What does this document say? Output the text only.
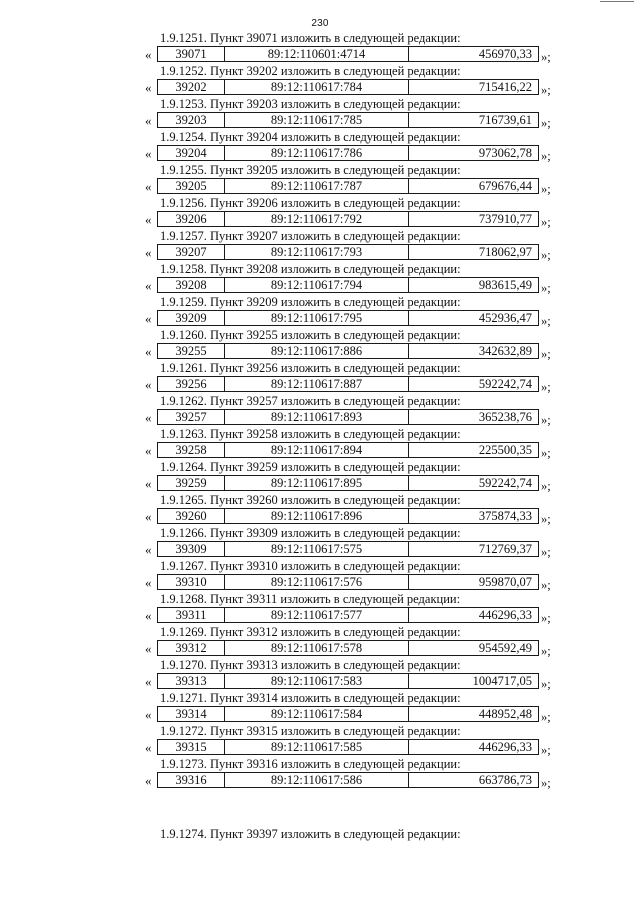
230
1.9.1251. Пункт 39071 изложить в следующей редакции:
« 39071	89:12:110601:4714	456970,33 »;
1.9.1252. Пункт 39202 изложить в следующей редакции:
« 39202	89:12:110617:784	715416,22 »;
1.9.1253. Пункт 39203 изложить в следующей редакции:
« 39203	89:12:110617:785	716739,61 »;
1.9.1254. Пункт 39204 изложить в следующей редакции:
« 39204	89:12:110617:786	973062,78 »;
1.9.1255. Пункт 39205 изложить в следующей редакции:
« 39205	89:12:110617:787	679676,44 »;
1.9.1256. Пункт 39206 изложить в следующей редакции:
« 39206	89:12:110617:792	737910,77 »;
1.9.1257. Пункт 39207 изложить в следующей редакции:
« 39207	89:12:110617:793	718062,97 »;
1.9.1258. Пункт 39208 изложить в следующей редакции:
« 39208	89:12:110617:794	983615,49 »;
1.9.1259. Пункт 39209 изложить в следующей редакции:
« 39209	89:12:110617:795	452936,47 »;
1.9.1260. Пункт 39255 изложить в следующей редакции:
« 39255	89:12:110617:886	342632,89 »;
1.9.1261. Пункт 39256 изложить в следующей редакции:
« 39256	89:12:110617:887	592242,74 »;
1.9.1262. Пункт 39257 изложить в следующей редакции:
« 39257	89:12:110617:893	365238,76 »;
1.9.1263. Пункт 39258 изложить в следующей редакции:
« 39258	89:12:110617:894	225500,35 »;
1.9.1264. Пункт 39259 изложить в следующей редакции:
« 39259	89:12:110617:895	592242,74 »;
1.9.1265. Пункт 39260 изложить в следующей редакции:
« 39260	89:12:110617:896	375874,33 »;
1.9.1266. Пункт 39309 изложить в следующей редакции:
« 39309	89:12:110617:575	712769,37 »;
1.9.1267. Пункт 39310 изложить в следующей редакции:
« 39310	89:12:110617:576	959870,07 »;
1.9.1268. Пункт 39311 изложить в следующей редакции:
« 39311	89:12:110617:577	446296,33 »;
1.9.1269. Пункт 39312 изложить в следующей редакции:
« 39312	89:12:110617:578	954592,49 »;
1.9.1270. Пункт 39313 изложить в следующей редакции:
« 39313	89:12:110617:583	1004717,05 »;
1.9.1271. Пункт 39314 изложить в следующей редакции:
« 39314	89:12:110617:584	448952,48 »;
1.9.1272. Пункт 39315 изложить в следующей редакции:
« 39315	89:12:110617:585	446296,33 »;
1.9.1273. Пункт 39316 изложить в следующей редакции:
« 39316	89:12:110617:586	663786,73 »;
1.9.1274. Пункт 39397 изложить в следующей редакции:
